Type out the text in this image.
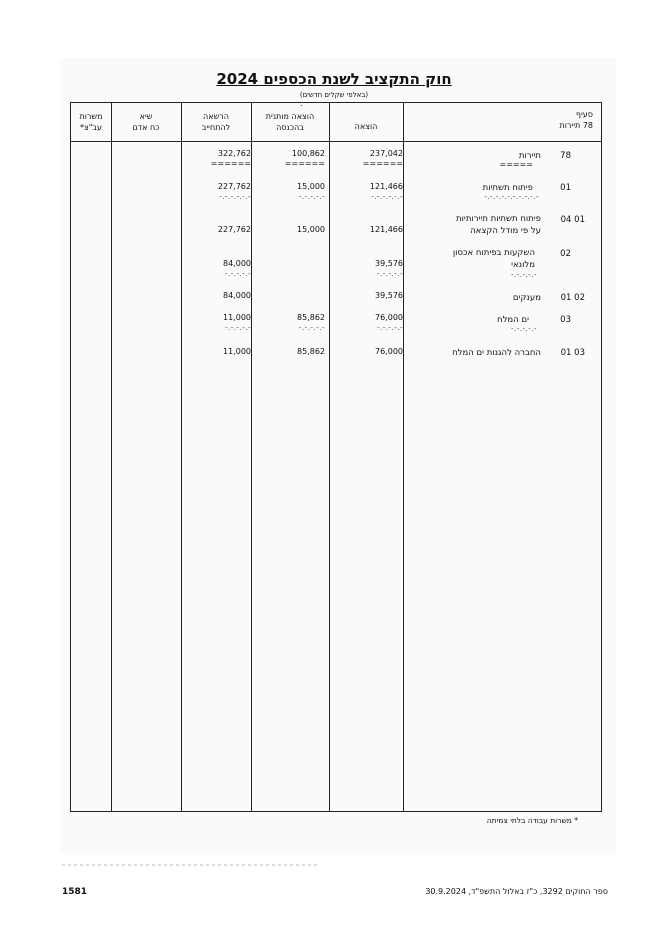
חוק התקציב לשנת הכספים 2024
(באלפי שקלים חדשים)
.
משרות
עב"צ*
שיא
כח אדם
הרשאה
להתחייב
הוצאה מותנית
בהכנסה	הוצאה
סעיף
78 תיירות
78
תיירות
=====
237,042
======
100,862
======
322,762
======
01
פיתוח תשתיות
-.-.-.-.-.-.-.-.-.-
121,466
-.-.-.-.-.-
15,000
-.-.-.-.-
227,762
-.-.-.-.-.-
01 04
פיתוח תשתיות תיירותיות
על פי מודל הקצאה
121,466
15,000
227,762
02
השקעות בפיתוח אכסון
מלונאי
-.-.-.-.-
39,576
-.-.-.-.-
84,000
-.-.-.-.-
02 01
מענקים
39,576
84,000
03
ים המלח
-.-.-.-.-
76,000
-.-.-.-.-
85,862
-.-.-.-.-
11,000
-.-.-.-.-
03 01
החברה להגנות ים המלח
76,000
85,862
11,000
* משרות עבודה בלתי צמיתה
1581	ספר החוקים 3292, כ"ז באלול התשפ"ד, 30.9.2024
